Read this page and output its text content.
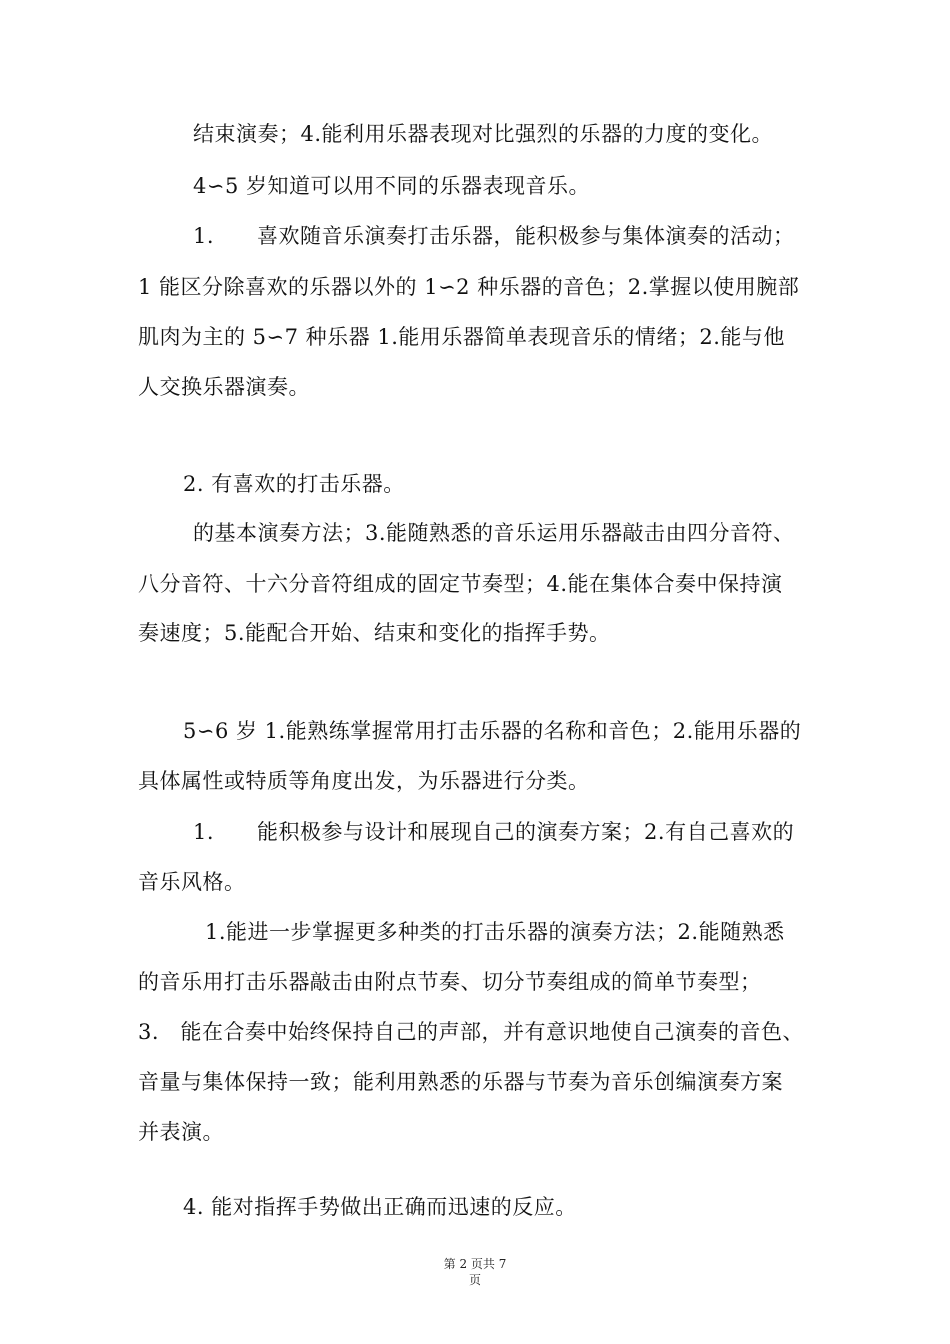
结束演奏；4.能利用乐器表现对比强烈的乐器的力度的变化。
4∽5 岁知道可以用不同的乐器表现音乐。
1.　　喜欢随音乐演奏打击乐器，能积极参与集体演奏的活动；
1 能区分除喜欢的乐器以外的 1∽2 种乐器的音色；2.掌握以使用腕部
肌肉为主的 5∽7 种乐器 1.能用乐器简单表现音乐的情绪；2.能与他
人交换乐器演奏。
2. 有喜欢的打击乐器。
的基本演奏方法；3.能随熟悉的音乐运用乐器敲击由四分音符、
八分音符、十六分音符组成的固定节奏型；4.能在集体合奏中保持演
奏速度；5.能配合开始、结束和变化的指挥手势。
5∽6 岁 1.能熟练掌握常用打击乐器的名称和音色；2.能用乐器的
具体属性或特质等角度出发，为乐器进行分类。
1.　　能积极参与设计和展现自己的演奏方案；2.有自己喜欢的
音乐风格。
1.能进一步掌握更多种类的打击乐器的演奏方法；2.能随熟悉
的音乐用打击乐器敲击由附点节奏、切分节奏组成的简单节奏型；
3.　能在合奏中始终保持自己的声部，并有意识地使自己演奏的音色、
音量与集体保持一致；能利用熟悉的乐器与节奏为音乐创编演奏方案
并表演。
4. 能对指挥手势做出正确而迅速的反应。
第 2 页共 7
页
